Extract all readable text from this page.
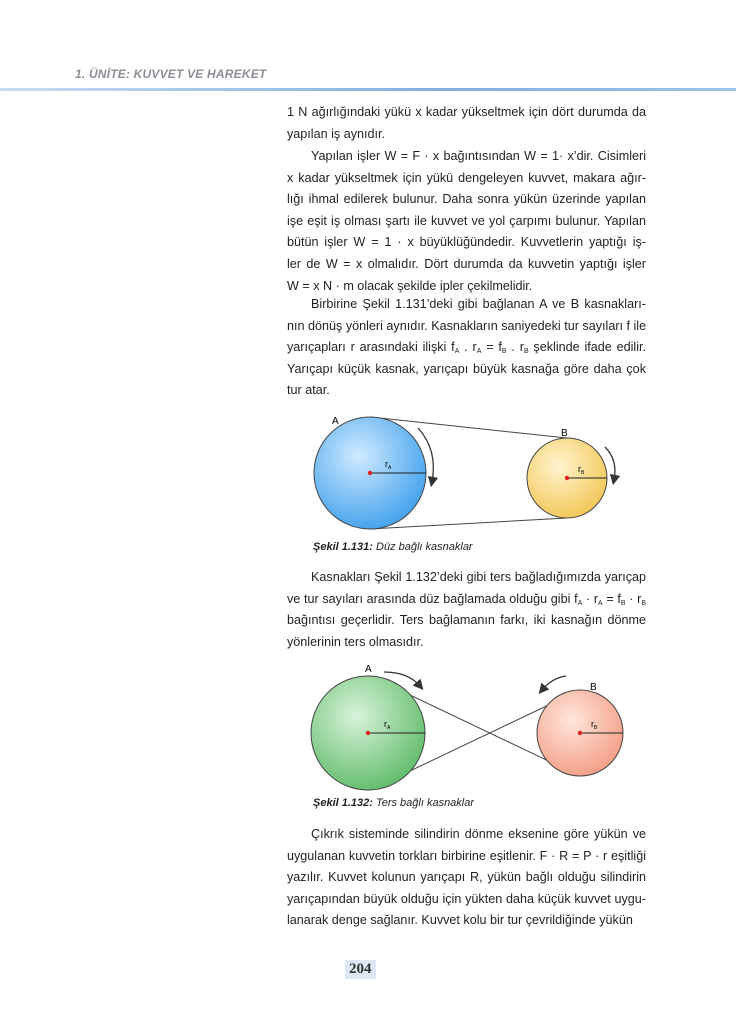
1. ÜNİTE: KUVVET VE HAREKET
1 N ağırlığındaki yükü x kadar yükseltmek için dört durumda da
yapılan iş aynıdır.
Yapılan işler W = F · x bağıntısından W = 1· x’dir. Cisimleri
x kadar yükseltmek için yükü dengeleyen kuvvet, makara ağır-
lığı ihmal edilerek bulunur. Daha sonra yükün üzerinde yapılan
işe eşit iş olması şartı ile kuvvet ve yol çarpımı bulunur. Yapılan
bütün işler W = 1 · x büyüklüğündedir. Kuvvetlerin yaptığı iş-
ler de W = x olmalıdır. Dört durumda da kuvvetin yaptığı işler
W = x N · m olacak şekilde ipler çekilmelidir.
Birbirine Şekil 1.131’deki gibi bağlanan A ve B kasnakları-
nın dönüş yönleri aynıdır. Kasnakların saniyedeki tur sayıları f ile
yarıçapları r arasındaki ilişki $f_A$ . $r_A = f_B$ . $r_B$ şeklinde ifade edilir.
Yarıçapı küçük kasnak, yarıçapı büyük kasnağa göre daha çok
tur atar.
Kasnakları Şekil 1.132’deki gibi ters bağladığımızda yarıçap
ve tur sayıları arasında düz bağlamada olduğu gibi $f_A \cdot r_A = f_B \cdot r_B$
bağıntısı geçerlidir. Ters bağlamanın farkı, iki kasnağın dönme
yönlerinin ters olmasıdır.
Çıkrık sisteminde silindirin dönme eksenine göre yükün ve
uygulanan kuvvetin torkları birbirine eşitlenir. F · R = P · r eşitliği
yazılır. Kuvvet kolunun yarıçapı R, yükün bağlı olduğu silindirin
yarıçapından büyük olduğu için yükten daha küçük kuvvet uygu-
lanarak denge sağlanır. Kuvvet kolu bir tur çevrildiğinde yükün
A
B
$r_A$	$r_B$
Şekil 1.131: Düz bağlı kasnaklar
A
B
$r_A$	$r_B$
Şekil 1.132: Ters bağlı kasnaklar
204
